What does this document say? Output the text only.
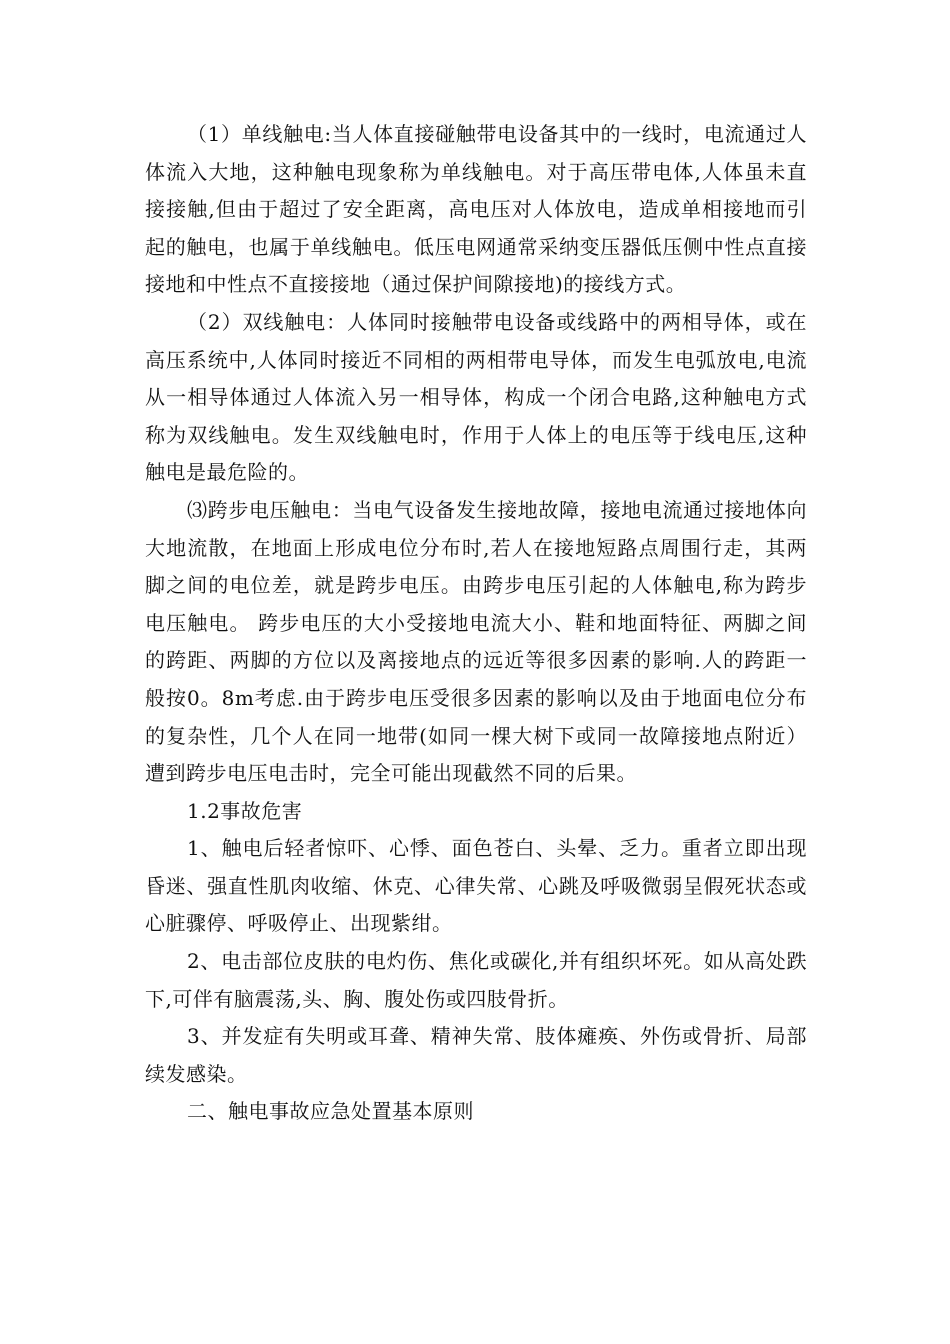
（1）单线触电:当人体直接碰触带电设备其中的一线时，电流通过人体流入大地，这种触电现象称为单线触电。对于高压带电体,人体虽未直接接触,但由于超过了安全距离，高电压对人体放电，造成单相接地而引起的触电，也属于单线触电。低压电网通常采纳变压器低压侧中性点直接接地和中性点不直接接地（通过保护间隙接地)的接线方式。

（2）双线触电：人体同时接触带电设备或线路中的两相导体，或在高压系统中,人体同时接近不同相的两相带电导体，而发生电弧放电,电流从一相导体通过人体流入另一相导体，构成一个闭合电路,这种触电方式称为双线触电。发生双线触电时，作用于人体上的电压等于线电压,这种触电是最危险的。

⑶跨步电压触电：当电气设备发生接地故障，接地电流通过接地体向大地流散，在地面上形成电位分布时,若人在接地短路点周围行走，其两脚之间的电位差，就是跨步电压。由跨步电压引起的人体触电,称为跨步电压触电。 跨步电压的大小受接地电流大小、鞋和地面特征、两脚之间的跨距、两脚的方位以及离接地点的远近等很多因素的影响.人的跨距一般按0。8m考虑.由于跨步电压受很多因素的影响以及由于地面电位分布的复杂性，几个人在同一地带(如同一棵大树下或同一故障接地点附近）遭到跨步电压电击时，完全可能出现截然不同的后果。

1.2事故危害

1、触电后轻者惊吓、心悸、面色苍白、头晕、乏力。重者立即出现昏迷、强直性肌肉收缩、休克、心律失常、心跳及呼吸微弱呈假死状态或心脏骤停、呼吸停止、出现紫绀。

2、电击部位皮肤的电灼伤、焦化或碳化,并有组织坏死。如从高处跌下,可伴有脑震荡,头、胸、腹处伤或四肢骨折。

3、并发症有失明或耳聋、精神失常、肢体瘫痪、外伤或骨折、局部续发感染。

二、触电事故应急处置基本原则
